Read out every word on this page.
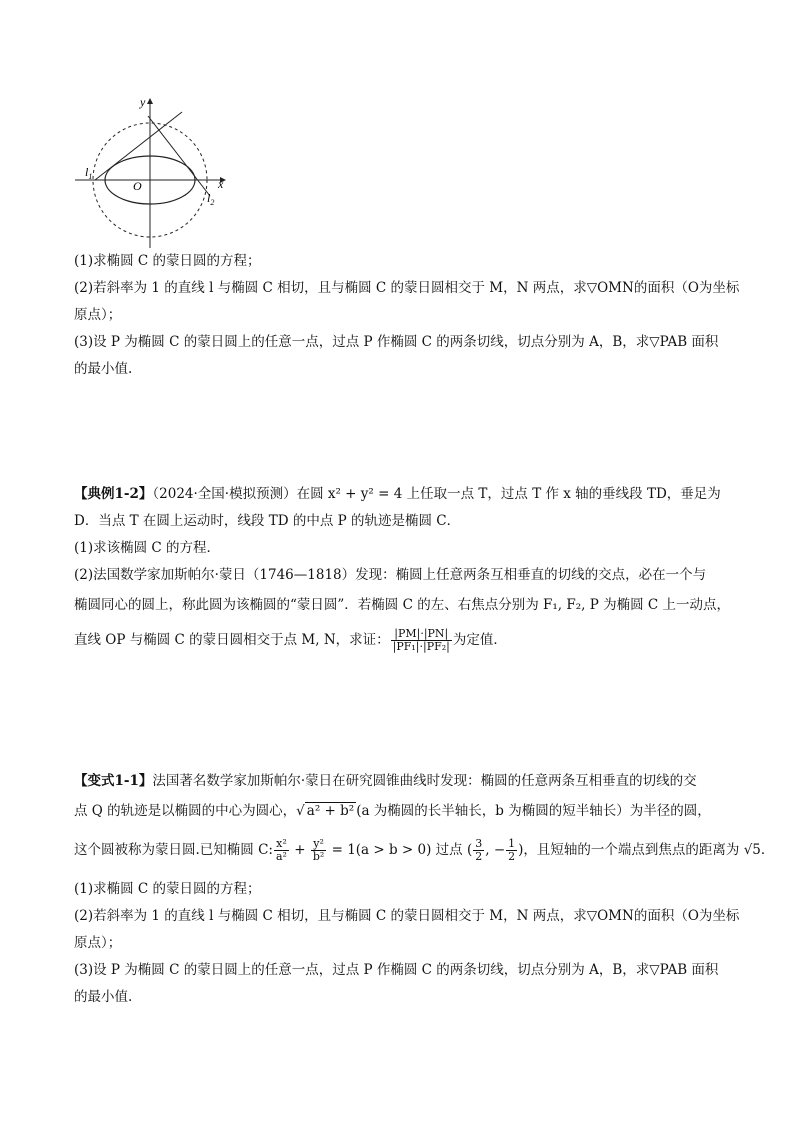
y
x
O
$l_1$
$l_2$
(1)求椭圆 C 的蒙日圆的方程；
(2)若斜率为 1 的直线 l 与椭圆 C 相切，且与椭圆 C 的蒙日圆相交于 M，N 两点，求▽OMN的面积（O为坐标
原点）；
(3)设 P 为椭圆 C 的蒙日圆上的任意一点，过点 P 作椭圆 C 的两条切线，切点分别为 A，B，求▽PAB 面积
的最小值.
【典例1-2】（2024·全国·模拟预测）在圆 x² + y² = 4 上任取一点 T，过点 T 作 x 轴的垂线段 TD，垂足为
D．当点 T 在圆上运动时，线段 TD 的中点 P 的轨迹是椭圆 C．
(1)求该椭圆 C 的方程．
(2)法国数学家加斯帕尔·蒙日（1746—1818）发现：椭圆上任意两条互相垂直的切线的交点，必在一个与
椭圆同心的圆上，称此圆为该椭圆的“蒙日圆”．若椭圆 C 的左、右焦点分别为 F₁, F₂, P 为椭圆 C 上一动点，
直线 OP 与椭圆 C 的蒙日圆相交于点 M, N，求证： $\frac{|PM|\cdot|PN|}{\text{|PF₁|·|PF₂|}}$ 为定值．
【变式1-1】法国著名数学家加斯帕尔·蒙日在研究圆锥曲线时发现：椭圆的任意两条互相垂直的切线的交
点 Q 的轨迹是以椭圆的中心为圆心，√ a² + b² (a 为椭圆的长半轴长，b 为椭圆的短半轴长）为半径的圆，
这个圆被称为蒙日圆.已知椭圆 C: $\frac{\text{x²}}{\text{a²}} + \frac{\text{y²}}{\text{b²}} = 1(a > b > 0)$ 过点 ( $\frac{3}{2}$ , − $\frac{1}{2}$ )，且短轴的一个端点到焦点的距离为 √5．
(1)求椭圆 C 的蒙日圆的方程；
(2)若斜率为 1 的直线 l 与椭圆 C 相切，且与椭圆 C 的蒙日圆相交于 M，N 两点，求▽OMN的面积（O为坐标
原点）；
(3)设 P 为椭圆 C 的蒙日圆上的任意一点，过点 P 作椭圆 C 的两条切线，切点分别为 A，B，求▽PAB 面积
的最小值.
